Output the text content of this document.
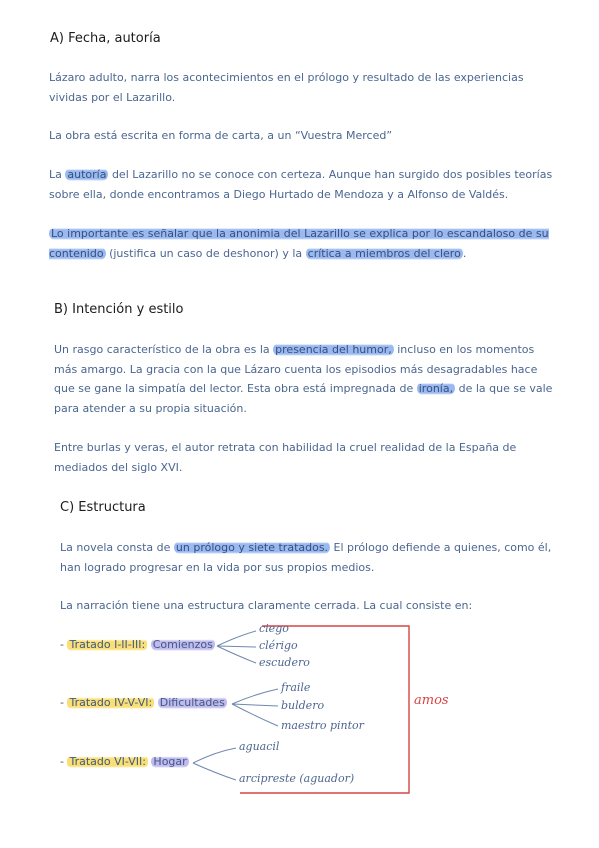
A) Fecha, autoría

Lázaro adulto, narra los acontecimientos en el prólogo y resultado de las experiencias vividas por el Lazarillo.

La obra está escrita en forma de carta, a un “Vuestra Merced”

La autoría del Lazarillo no se conoce con certeza. Aunque han surgido dos posibles teorías sobre ella, donde encontramos a Diego Hurtado de Mendoza y a Alfonso de Valdés.

Lo importante es señalar que la anonimia del Lazarillo se explica por lo escandaloso de su contenido (justifica un caso de deshonor) y la crítica a miembros del clero .

B) Intención y estilo

Un rasgo característico de la obra es la presencia del humor, incluso en los momentos más amargo. La gracia con la que Lázaro cuenta los episodios más desagradables hace que se gane la simpatía del lector. Esta obra está impregnada de ironía, de la que se vale para atender a su propia situación.

Entre burlas y veras, el autor retrata con habilidad la cruel realidad de la España de mediados del siglo XVI.

C) Estructura

La novela consta de un prólogo y siete tratados. El prólogo defiende a quienes, como él, han logrado progresar en la vida por sus propios medios.

La narración tiene una estructura claramente cerrada. La cual consiste en:

- Tratado I-II-III: Comienzos
ciego
clérigo
escudero
- Tratado IV-V-VI: Dificultades
fraile
buldero
maestro pintor
- Tratado VI-VII: Hogar
aguacil
arcipreste (aguador)
amos
